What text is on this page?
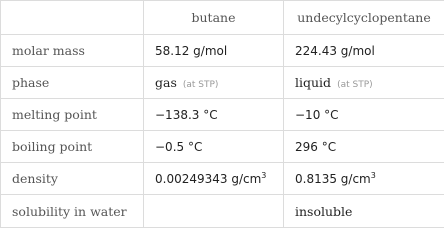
	butane	undecylcyclopentane
molar mass	58.12 g/mol	224.43 g/mol
phase	gas (at STP)	liquid (at STP)
melting point	−138.3 °C	−10 °C
boiling point	−0.5 °C	296 °C
density	0.00249343 $g/cm^3$	0.8135 $g/cm^3$
solubility in water		insoluble
